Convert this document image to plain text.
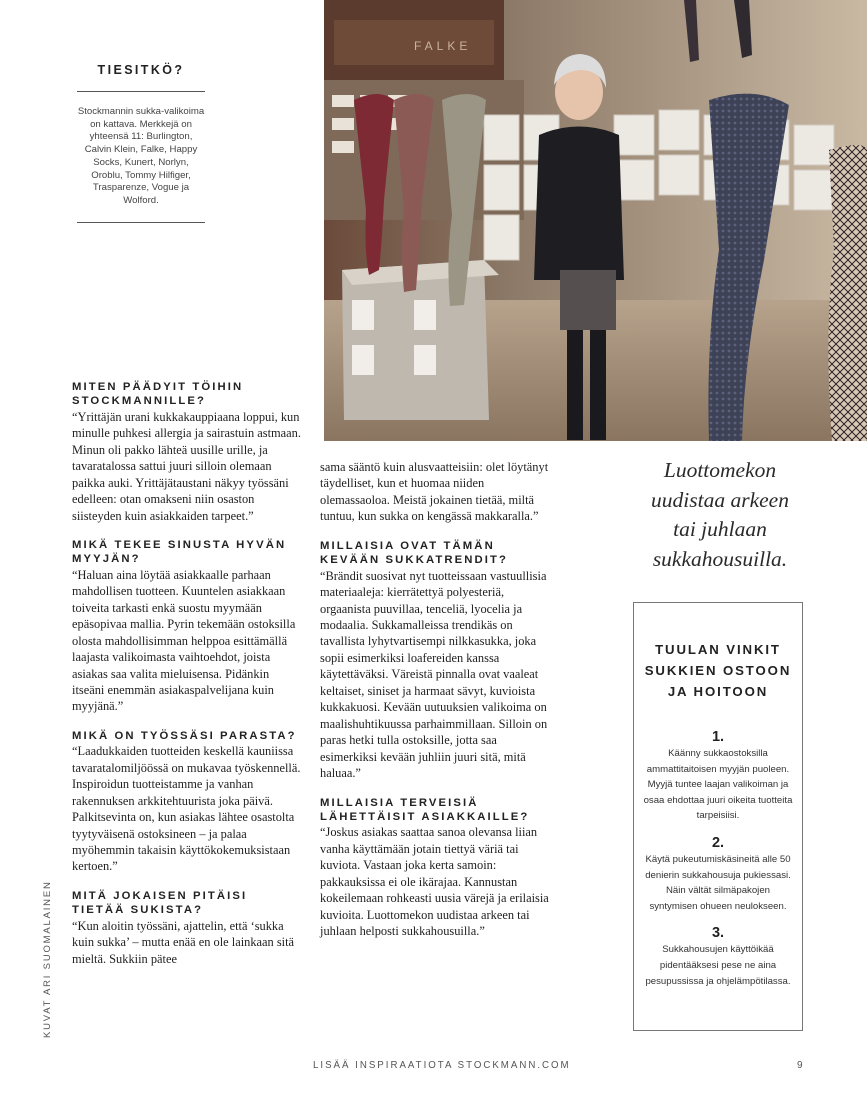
FALKE
TIESITKÖ?

Stockmannin sukka-valikoima on kattava. Merkkejä on yhteensä 11: Burlington, Calvin Klein, Falke, Happy Socks, Kunert, Norlyn, Oroblu, Tommy Hilfiger, Trasparenze, Vogue ja Wolford.

MITEN PÄÄDYIT TÖIHIN STOCKMANNILLE?

“Yrittäjän urani kukkakauppiaana loppui, kun minulle puhkesi allergia ja sairastuin astmaan. Minun oli pakko lähteä uusille urille, ja tavaratalossa sattui juuri silloin olemaan paikka auki. Yrittäjätaustani näkyy työssäni edelleen: otan omakseni niin osaston siisteyden kuin asiakkaiden tarpeet.”

MIKÄ TEKEE SINUSTA HYVÄN MYYJÄN?

“Haluan aina löytää asiakkaalle parhaan mahdollisen tuotteen. Kuuntelen asiakkaan toiveita tarkasti enkä suostu myymään epäsopivaa mallia. Pyrin tekemään ostoksilla olosta mahdollisimman helppoa esittämällä laajasta valikoimasta vaihtoehdot, joista asiakas saa valita mieluisensa. Pidänkin itseäni enemmän asiakaspalvelijana kuin myyjänä.”

MIKÄ ON TYÖSSÄSI PARASTA?

“Laadukkaiden tuotteiden keskellä kauniissa tavaratalomiljöössä on mukavaa työskennellä. Inspiroidun tuotteistamme ja vanhan rakennuksen arkkitehtuurista joka päivä. Palkitsevinta on, kun asiakas lähtee osastolta tyytyväisenä ostoksineen – ja palaa myöhemmin takaisin käyttökokemuksistaan kertoen.”

MITÄ JOKAISEN PITÄISI TIETÄÄ SUKISTA?

“Kun aloitin työssäni, ajattelin, että ‘sukka kuin sukka’ – mutta enää en ole lainkaan sitä mieltä. Sukkiin pätee

sama sääntö kuin alusvaatteisiin: olet löytänyt täydelliset, kun et huomaa niiden olemassaoloa. Meistä jokainen tietää, miltä tuntuu, kun sukka on kengässä makkaralla.”

MILLAISIA OVAT TÄMÄN KEVÄÄN SUKKATRENDIT?

“Brändit suosivat nyt tuotteissaan vastuullisia materiaaleja: kierrätettyä polyesteriä, orgaanista puuvillaa, tenceliä, lyocelia ja modaalia. Sukkamalleissa trendikäs on tavallista lyhytvartisempi nilkkasukka, joka sopii esimerkiksi loafereiden kanssa käytettäväksi. Väreistä pinnalla ovat vaaleat keltaiset, siniset ja harmaat sävyt, kuvioista kukkakuosi. Kevään uutuuksien valikoima on maalishuhtikuussa parhaimmillaan. Silloin on paras hetki tulla ostoksille, jotta saa esimerkiksi kevään juhliin juuri sitä, mitä haluaa.”

MILLAISIA TERVEISIÄ LÄHETTÄISIT ASIAKKAILLE?

“Joskus asiakas saattaa sanoa olevansa liian vanha käyttämään jotain tiettyä väriä tai kuviota. Vastaan joka kerta samoin: pakkauksissa ei ole ikärajaa. Kannustan kokeilemaan rohkeasti uusia värejä ja erilaisia kuvioita. Luottomekon uudistaa arkeen tai juhlaan helposti sukkahousuilla.”

Luottomekon uudistaa arkeen tai juhlaan sukkahousuilla.
TUULAN VINKIT SUKKIEN OSTOON JA HOITOON
1.
Käänny sukkaostoksilla ammattitaitoisen myyjän puoleen. Myyjä tuntee laajan valikoiman ja osaa ehdottaa juuri oikeita tuotteita tarpeisiisi.
2.
Käytä pukeutumiskäsineitä alle 50 denierin sukkahousuja pukiessasi. Näin vältät silmäpakojen syntymisen ohueen neulokseen.
3.
Sukkahousujen käyttöikää pidentääksesi pese ne aina pesupussissa ja ohjelämpötilassa.
KUVAT ARI SUOMALAINEN
LISÄÄ INSPIRAATIOTA STOCKMANN.COM	9
